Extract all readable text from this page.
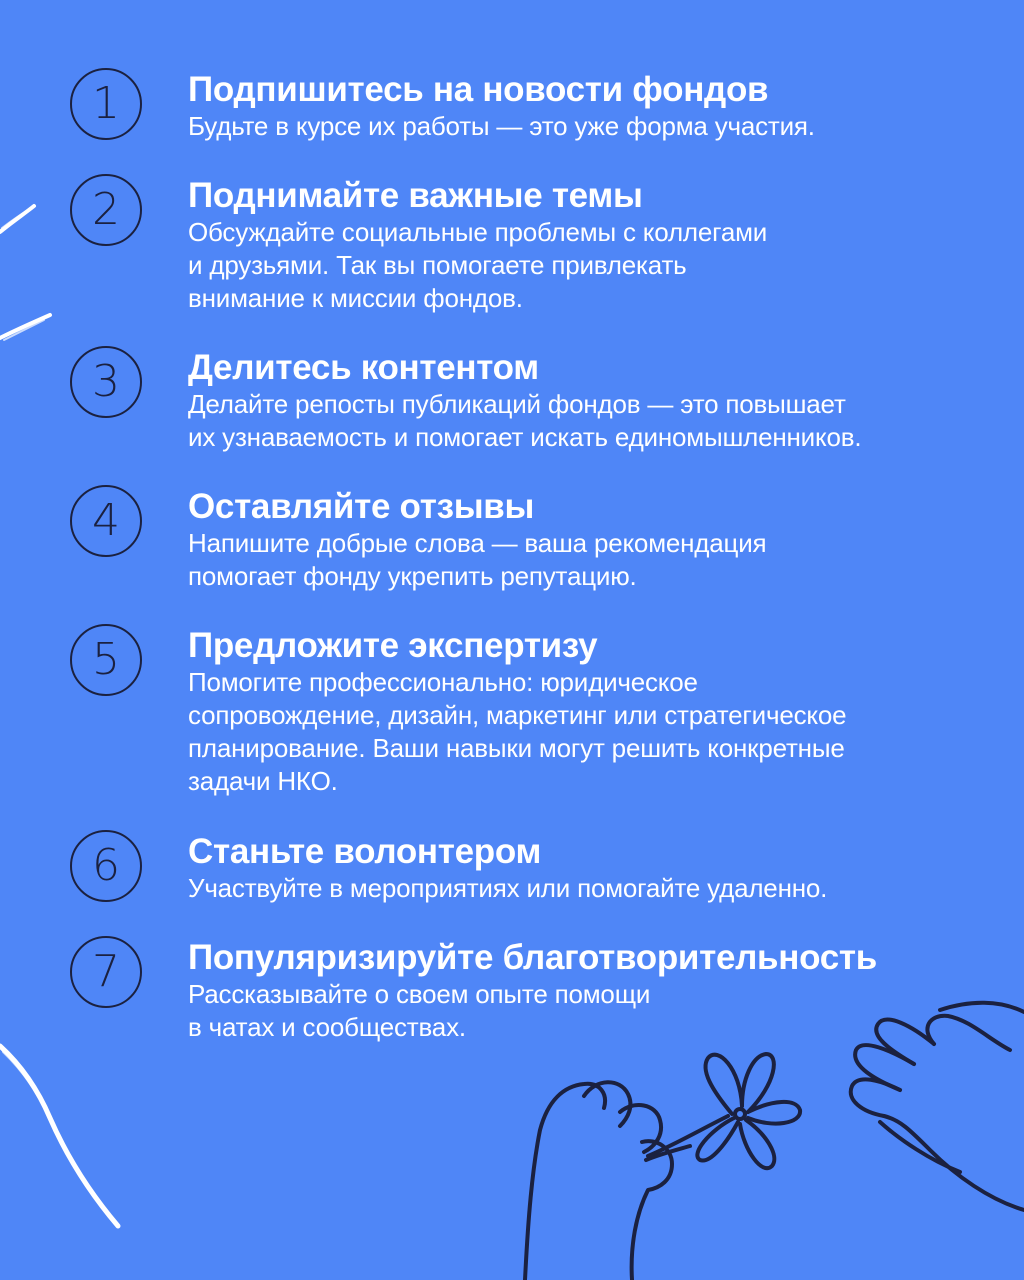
1	Подпишитесь на новости фондов
Будьте в курсе их работы — это уже форма участия.
2	Поднимайте важные темы
Обсуждайте социальные проблемы с коллегами
и друзьями. Так вы помогаете привлекать
внимание к миссии фондов.
3	Делитесь контентом
Делайте репосты публикаций фондов — это повышает
их узнаваемость и помогает искать единомышленников.
4	Оставляйте отзывы
Напишите добрые слова — ваша рекомендация
помогает фонду укрепить репутацию.
5	Предложите экспертизу
Помогите профессионально: юридическое
сопровождение, дизайн, маркетинг или стратегическое
планирование. Ваши навыки могут решить конкретные
задачи НКО.
6	Станьте волонтером
Участвуйте в мероприятиях или помогайте удаленно.
7	Популяризируйте благотворительность
Рассказывайте о своем опыте помощи
в чатах и сообществах.
